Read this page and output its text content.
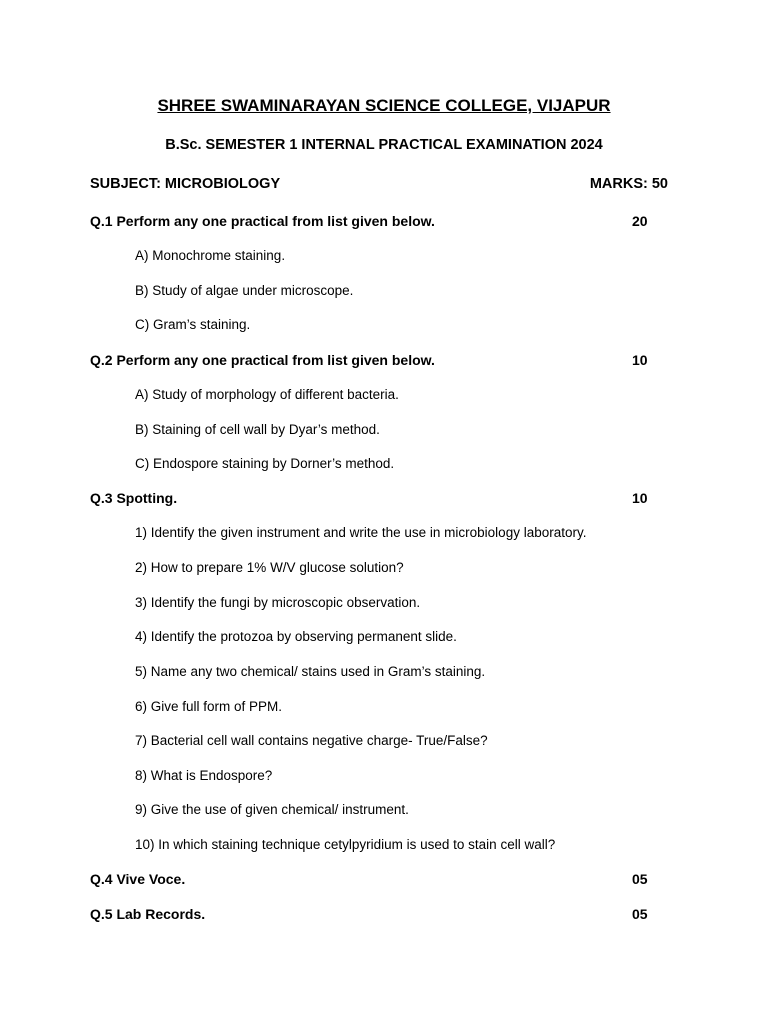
SHREE SWAMINARAYAN SCIENCE COLLEGE, VIJAPUR
B.Sc. SEMESTER 1 INTERNAL PRACTICAL EXAMINATION 2024
SUBJECT: MICROBIOLOGY	MARKS: 50
Q.1 Perform any one practical from list given below.	20
A) Monochrome staining.
B) Study of algae under microscope.
C) Gram’s staining.
Q.2 Perform any one practical from list given below.	10
A) Study of morphology of different bacteria.
B) Staining of cell wall by Dyar’s method.
C) Endospore staining by Dorner’s method.
Q.3 Spotting.	10
1) Identify the given instrument and write the use in microbiology laboratory.
2) How to prepare 1% W/V glucose solution?
3) Identify the fungi by microscopic observation.
4) Identify the protozoa by observing permanent slide.
5) Name any two chemical/ stains used in Gram’s staining.
6) Give full form of PPM.
7) Bacterial cell wall contains negative charge- True/False?
8) What is Endospore?
9) Give the use of given chemical/ instrument.
10) In which staining technique cetylpyridium is used to stain cell wall?
Q.4 Vive Voce.	05
Q.5 Lab Records.	05
